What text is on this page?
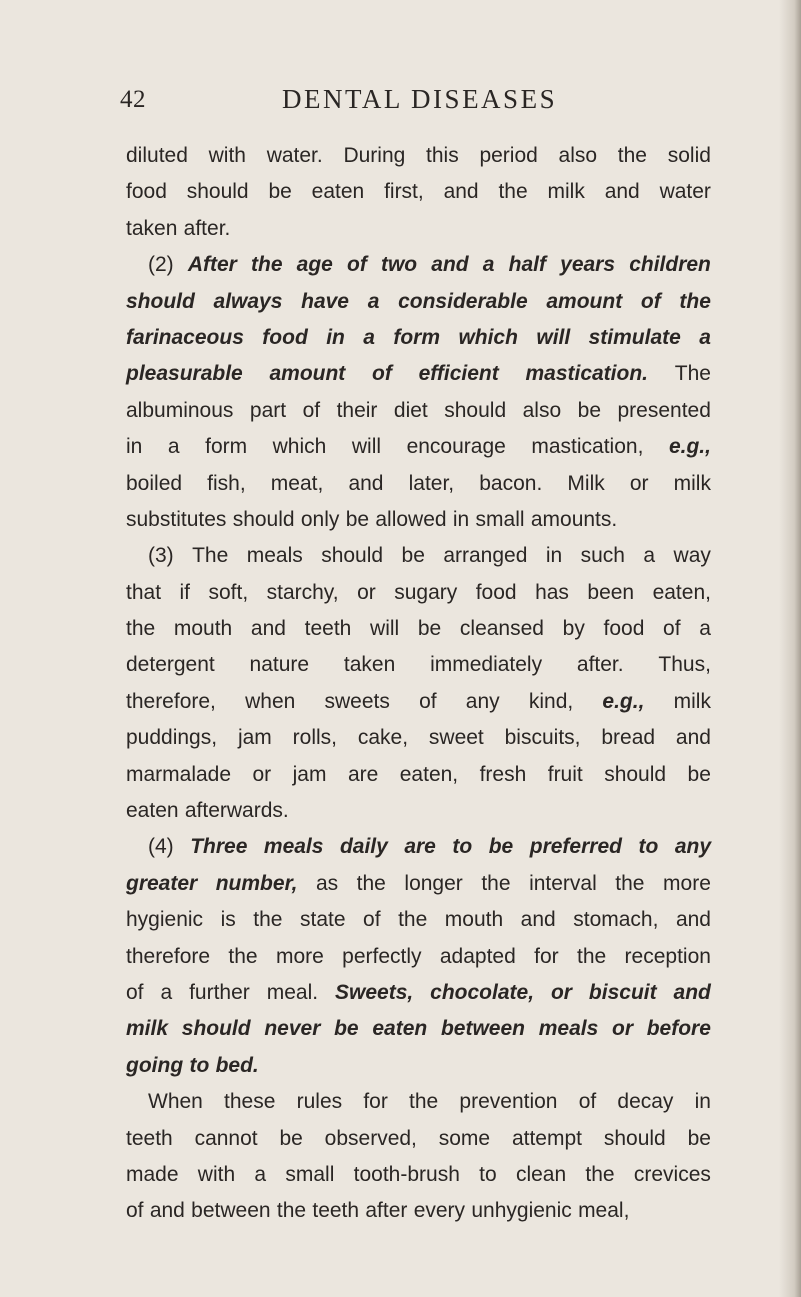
42	DENTAL DISEASES
diluted with water. During this period also the solid
food should be eaten first, and the milk and water
taken after.
(2) After the age of two and a half years children
should always have a considerable amount of the
farinaceous food in a form which will stimulate a
pleasurable amount of efficient mastication. The
albuminous part of their diet should also be presented
in a form which will encourage mastication, e.g.,
boiled fish, meat, and later, bacon. Milk or milk
substitutes should only be allowed in small amounts.
(3) The meals should be arranged in such a way
that if soft, starchy, or sugary food has been eaten,
the mouth and teeth will be cleansed by food of a
detergent nature taken immediately after. Thus,
therefore, when sweets of any kind, e.g., milk
puddings, jam rolls, cake, sweet biscuits, bread and
marmalade or jam are eaten, fresh fruit should be
eaten afterwards.
(4) Three meals daily are to be preferred to any
greater number, as the longer the interval the more
hygienic is the state of the mouth and stomach, and
therefore the more perfectly adapted for the reception
of a further meal. Sweets, chocolate, or biscuit and
milk should never be eaten between meals or before
going to bed.
When these rules for the prevention of decay in
teeth cannot be observed, some attempt should be
made with a small tooth-brush to clean the crevices
of and between the teeth after every unhygienic meal,
